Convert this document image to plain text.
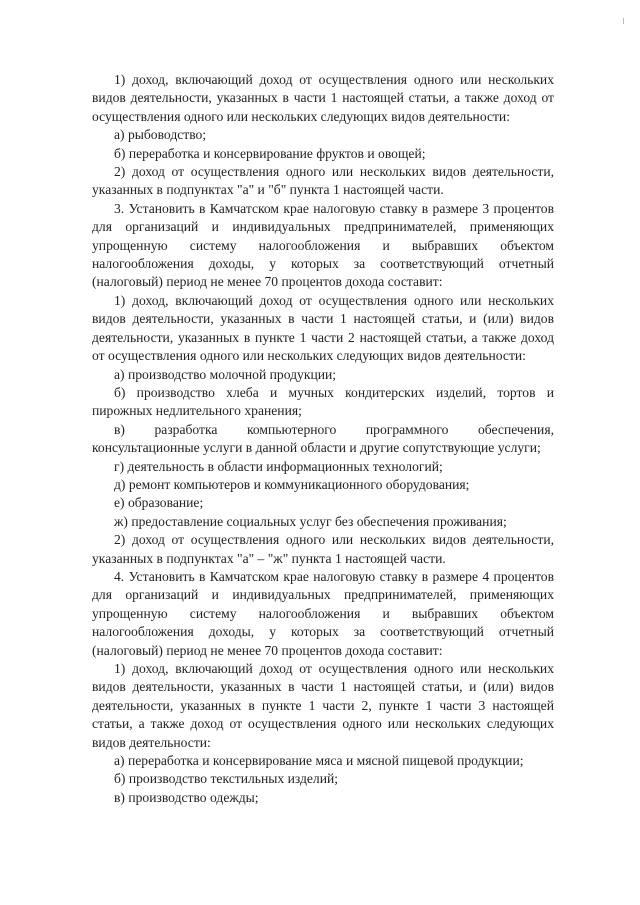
1) доход, включающий доход от осуществления одного или нескольких видов деятельности, указанных в части 1 настоящей статьи, а также доход от осуществления одного или нескольких следующих видов деятельности:

а) рыбоводство;

б) переработка и консервирование фруктов и овощей;

2) доход от осуществления одного или нескольких видов деятельности, указанных в подпунктах "а" и "б" пункта 1 настоящей части.

3. Установить в Камчатском крае налоговую ставку в размере 3 процентов для организаций и индивидуальных предпринимателей, применяющих упрощенную систему налогообложения и выбравших объектом налогообложения доходы, у которых за соответствующий отчетный (налоговый) период не менее 70 процентов дохода составит:

1) доход, включающий доход от осуществления одного или нескольких видов деятельности, указанных в части 1 настоящей статьи, и (или) видов деятельности, указанных в пункте 1 части 2 настоящей статьи, а также доход от осуществления одного или нескольких следующих видов деятельности:

а) производство молочной продукции;

б) производство хлеба и мучных кондитерских изделий, тортов и пирожных недлительного хранения;

в) разработка компьютерного программного обеспечения, консультационные услуги в данной области и другие сопутствующие услуги;

г) деятельность в области информационных технологий;

д) ремонт компьютеров и коммуникационного оборудования;

е) образование;

ж) предоставление социальных услуг без обеспечения проживания;

2) доход от осуществления одного или нескольких видов деятельности, указанных в подпунктах "а" – "ж" пункта 1 настоящей части.

4. Установить в Камчатском крае налоговую ставку в размере 4 процентов для организаций и индивидуальных предпринимателей, применяющих упрощенную систему налогообложения и выбравших объектом налогообложения доходы, у которых за соответствующий отчетный (налоговый) период не менее 70 процентов дохода составит:

1) доход, включающий доход от осуществления одного или нескольких видов деятельности, указанных в части 1 настоящей статьи, и (или) видов деятельности, указанных в пункте 1 части 2, пункте 1 части 3 настоящей статьи, а также доход от осуществления одного или нескольких следующих видов деятельности:

а) переработка и консервирование мяса и мясной пищевой продукции;

б) производство текстильных изделий;

в) производство одежды;
